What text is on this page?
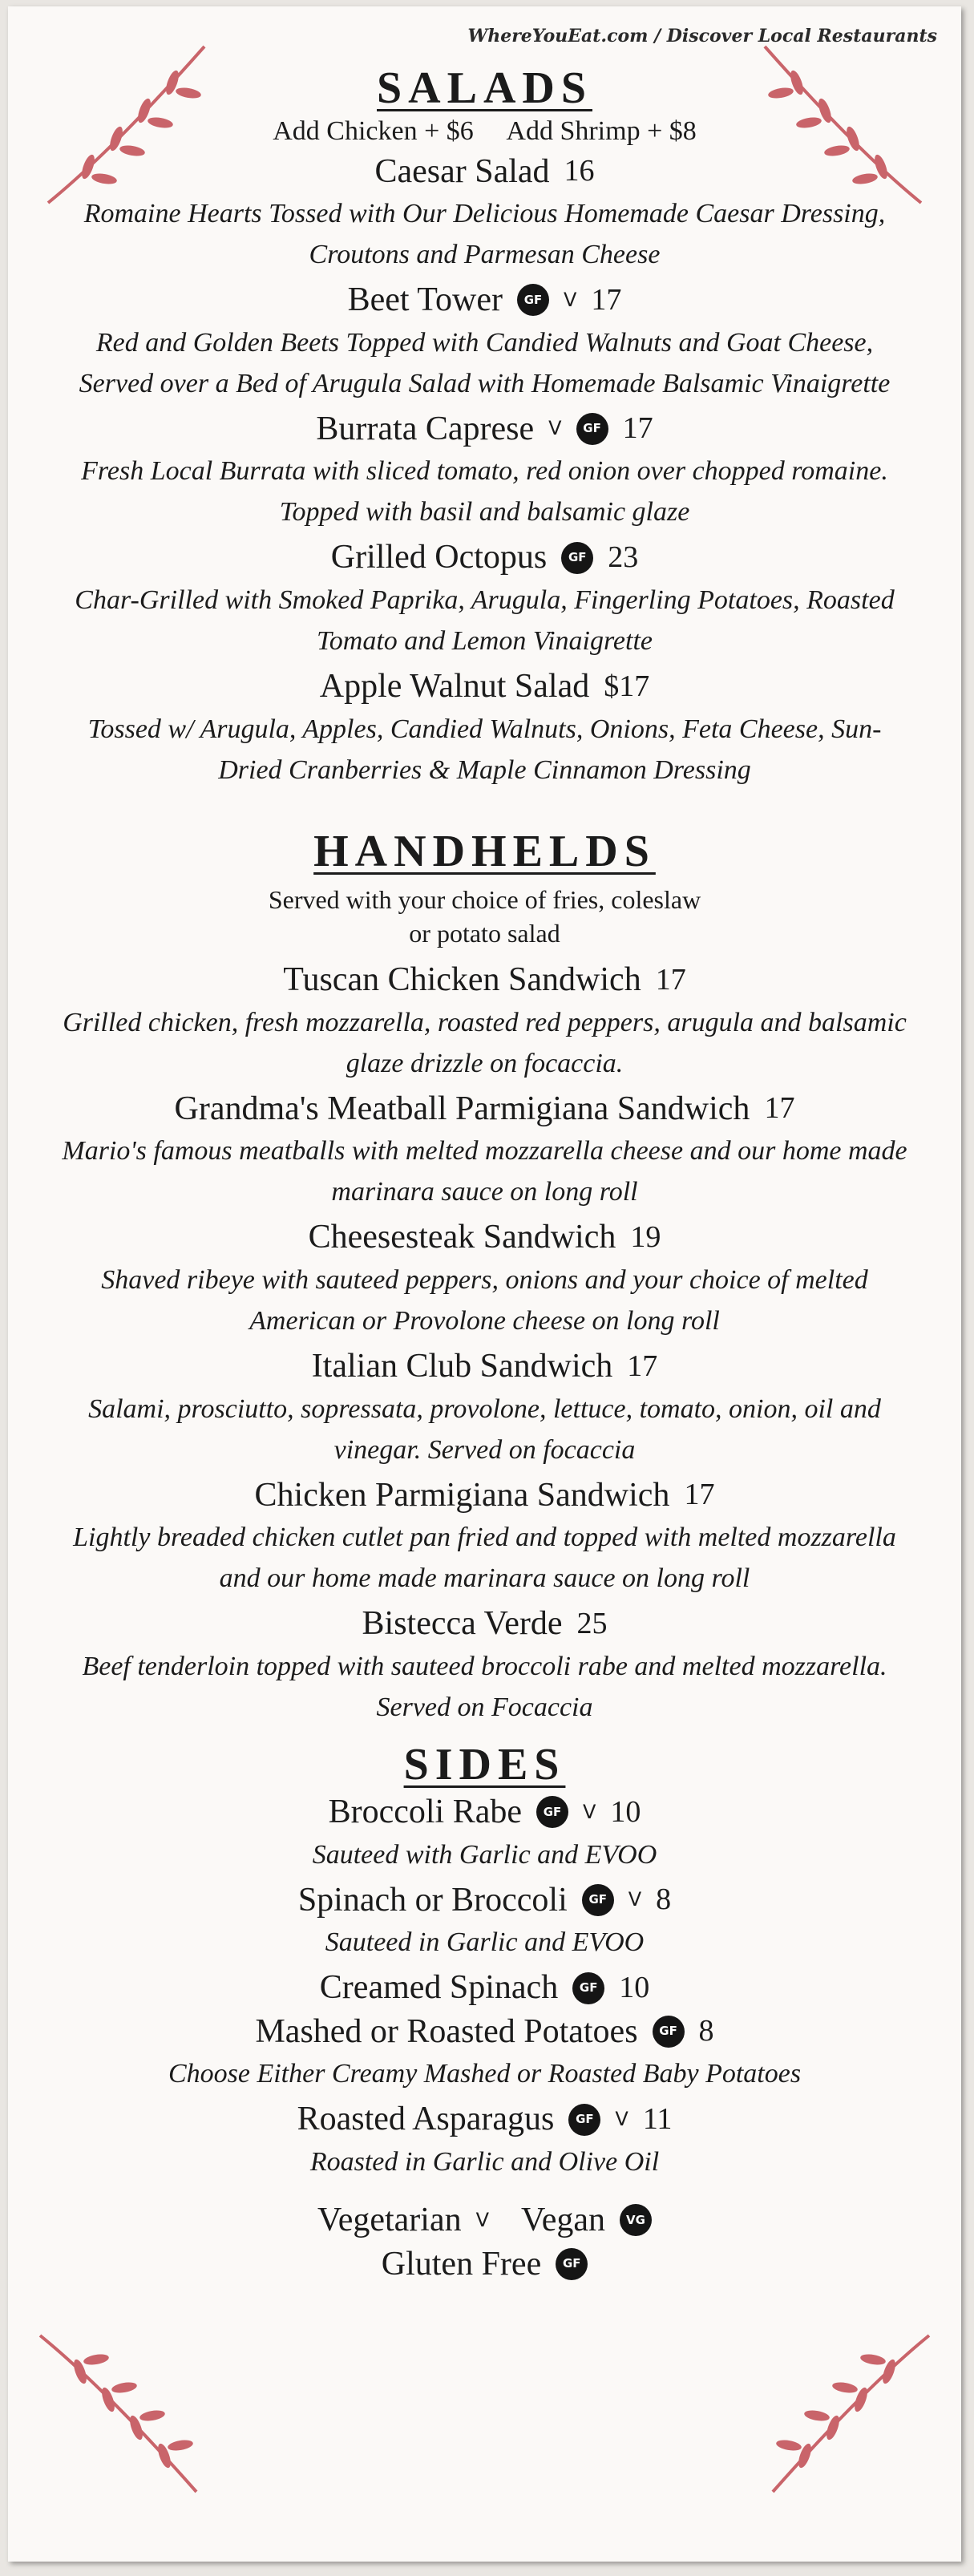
WhereYouEat.com / Discover Local Restaurants
SALADS
Add Chicken + $6     Add Shrimp + $8
Caesar Salad 16

Romaine Hearts Tossed with Our Delicious Homemade Caesar Dressing, Croutons and Parmesan Cheese

Beet Tower	GF	V 17

Red and Golden Beets Topped with Candied Walnuts and Goat Cheese, Served over a Bed of Arugula Salad with Homemade Balsamic Vinaigrette

Burrata Caprese V	GF 17

Fresh Local Burrata with sliced tomato, red onion over chopped romaine. Topped with basil and balsamic glaze

Grilled Octopus	GF 23

Char-Grilled with Smoked Paprika, Arugula, Fingerling Potatoes, Roasted Tomato and Lemon Vinaigrette

Apple Walnut Salad $17

Tossed w/ Arugula, Apples, Candied Walnuts, Onions, Feta Cheese, Sun-Dried Cranberries & Maple Cinnamon Dressing

HANDHELDS
Served with your choice of fries, coleslaw or potato salad
Tuscan Chicken Sandwich 17

Grilled chicken, fresh mozzarella, roasted red peppers, arugula and balsamic glaze drizzle on focaccia.

Grandma's Meatball Parmigiana Sandwich 17

Mario's famous meatballs with melted mozzarella cheese and our home made marinara sauce on long roll

Cheesesteak Sandwich 19

Shaved ribeye with sauteed peppers, onions and your choice of melted American or Provolone cheese on long roll

Italian Club Sandwich 17

Salami, prosciutto, sopressata, provolone, lettuce, tomato, onion, oil and vinegar. Served on focaccia

Chicken Parmigiana Sandwich 17

Lightly breaded chicken cutlet pan fried and topped with melted mozzarella and our home made marinara sauce on long roll

Bistecca Verde 25

Beef tenderloin topped with sauteed broccoli rabe and melted mozzarella. Served on Focaccia

SIDES
Broccoli Rabe	GF	V 10

Sauteed with Garlic and EVOO

Spinach or Broccoli	GF	V 8

Sauteed in Garlic and EVOO

Creamed Spinach	GF 10
Mashed or Roasted Potatoes	GF 8

Choose Either Creamy Mashed or Roasted Baby Potatoes

Roasted Asparagus	GF	V 11

Roasted in Garlic and Olive Oil

Vegetarian V Vegan	VG
Gluten Free	GF
